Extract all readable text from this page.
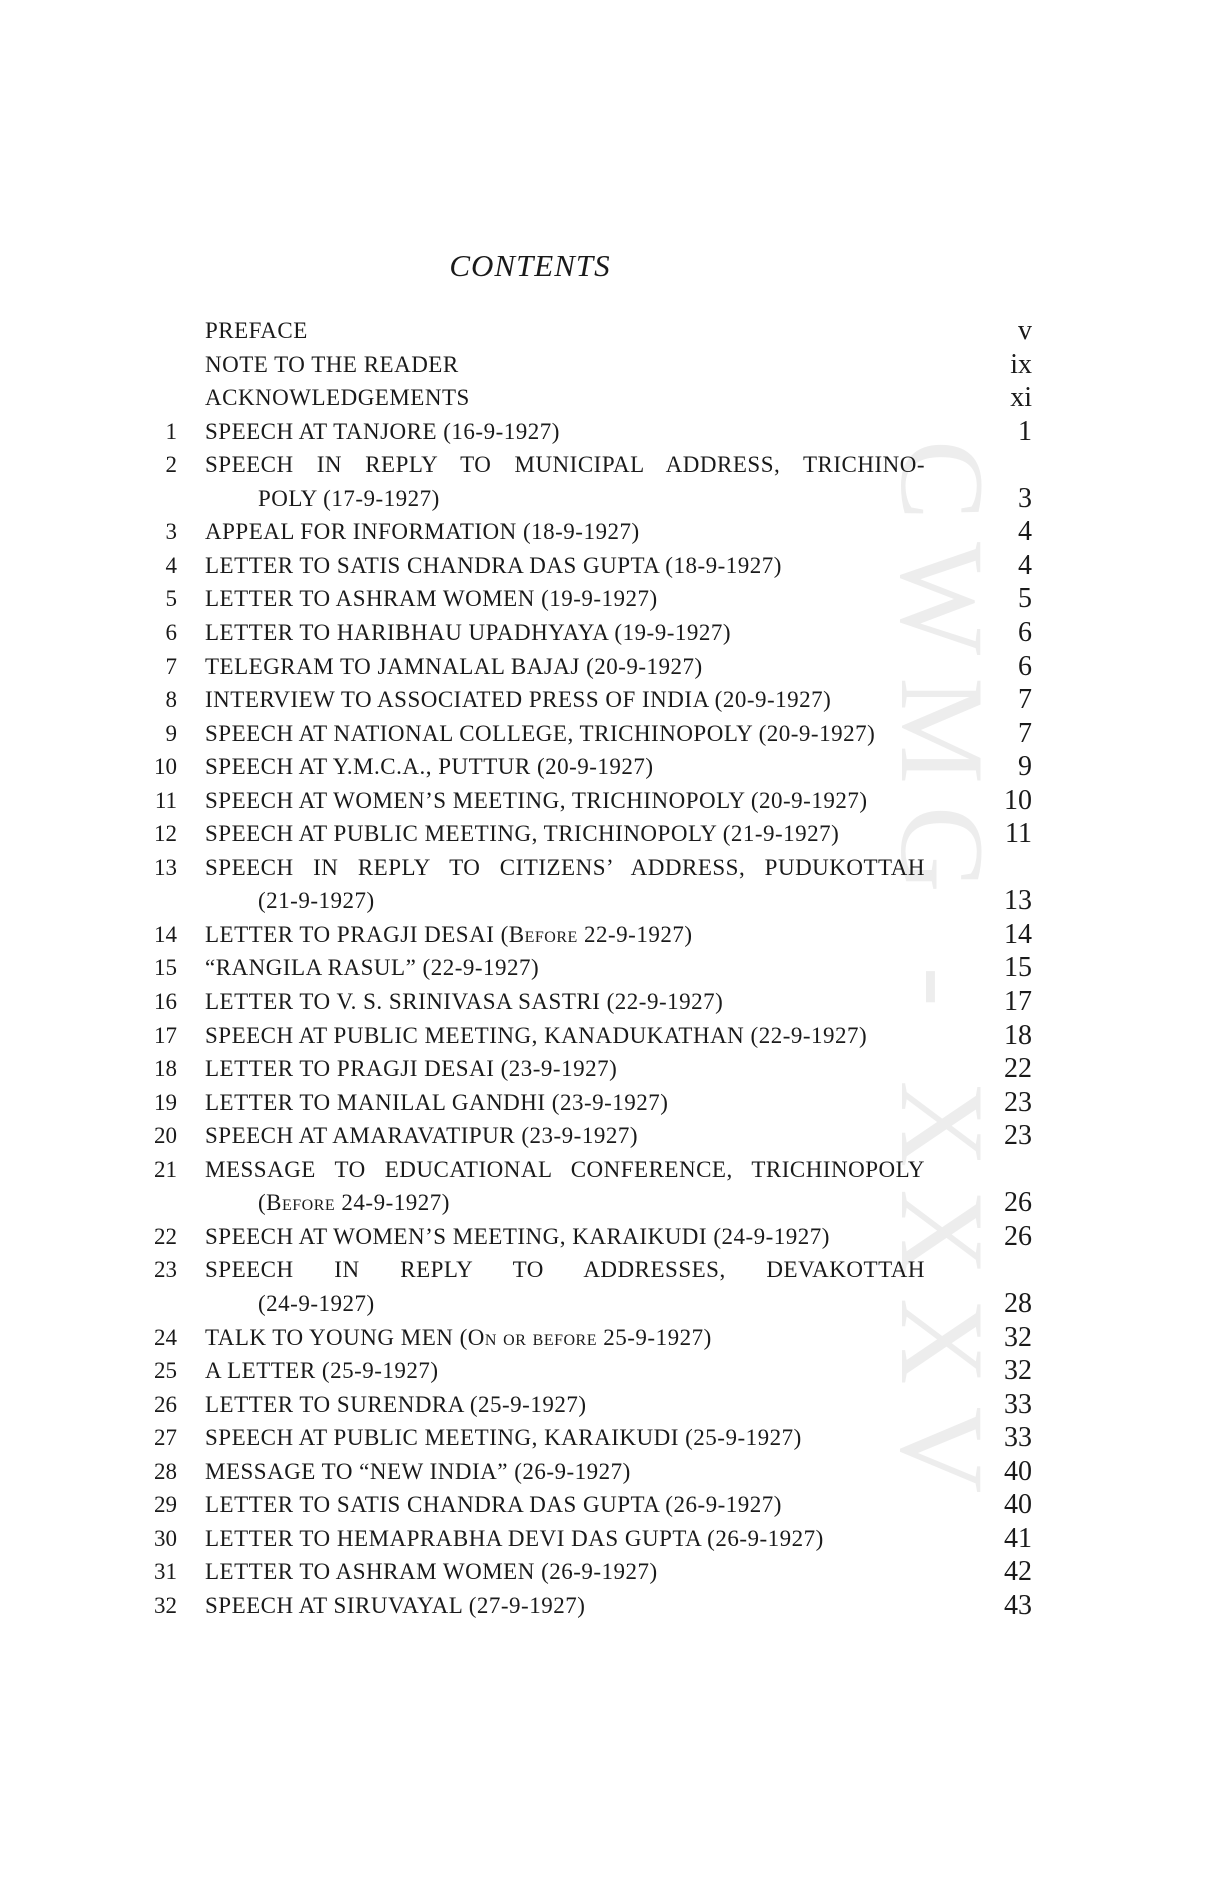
CWMG - XXXV
CONTENTS
PREFACE	v
NOTE TO THE READER	ix
ACKNOWLEDGEMENTS	xi
1 SPEECH AT TANJORE (16-9-1927)	1
2 SPEECH IN REPLY TO MUNICIPAL ADDRESS, TRICHINO-
POLY (17-9-1927)	3
3 APPEAL FOR INFORMATION (18-9-1927)	4
4 LETTER TO SATIS CHANDRA DAS GUPTA (18-9-1927)	4
5 LETTER TO ASHRAM WOMEN (19-9-1927)	5
6 LETTER TO HARIBHAU UPADHYAYA (19-9-1927)	6
7 TELEGRAM TO JAMNALAL BAJAJ (20-9-1927)	6
8 INTERVIEW TO ASSOCIATED PRESS OF INDIA (20-9-1927)	7
9 SPEECH AT NATIONAL COLLEGE, TRICHINOPOLY (20-9-1927)	7
10 SPEECH AT Y.M.C.A., PUTTUR (20-9-1927)	9
11 SPEECH AT WOMEN’S MEETING, TRICHINOPOLY (20-9-1927)	10
12 SPEECH AT PUBLIC MEETING, TRICHINOPOLY (21-9-1927)	11
13 SPEECH IN REPLY TO CITIZENS’ ADDRESS, PUDUKOTTAH
(21-9-1927)	13
14 LETTER TO PRAGJI DESAI (Before 22-9-1927)	14
15 “RANGILA RASUL” (22-9-1927)	15
16 LETTER TO V. S. SRINIVASA SASTRI (22-9-1927)	17
17 SPEECH AT PUBLIC MEETING, KANADUKATHAN (22-9-1927)	18
18 LETTER TO PRAGJI DESAI (23-9-1927)	22
19 LETTER TO MANILAL GANDHI (23-9-1927)	23
20 SPEECH AT AMARAVATIPUR (23-9-1927)	23
21 MESSAGE TO EDUCATIONAL CONFERENCE, TRICHINOPOLY
(Before 24-9-1927)	26
22 SPEECH AT WOMEN’S MEETING, KARAIKUDI (24-9-1927)	26
23 SPEECH IN REPLY TO ADDRESSES, DEVAKOTTAH
(24-9-1927)	28
24 TALK TO YOUNG MEN (On or before 25-9-1927)	32
25 A LETTER (25-9-1927)	32
26 LETTER TO SURENDRA (25-9-1927)	33
27 SPEECH AT PUBLIC MEETING, KARAIKUDI (25-9-1927)	33
28 MESSAGE TO “NEW INDIA” (26-9-1927)	40
29 LETTER TO SATIS CHANDRA DAS GUPTA (26-9-1927)	40
30 LETTER TO HEMAPRABHA DEVI DAS GUPTA (26-9-1927)	41
31 LETTER TO ASHRAM WOMEN (26-9-1927)	42
32 SPEECH AT SIRUVAYAL (27-9-1927)	43
